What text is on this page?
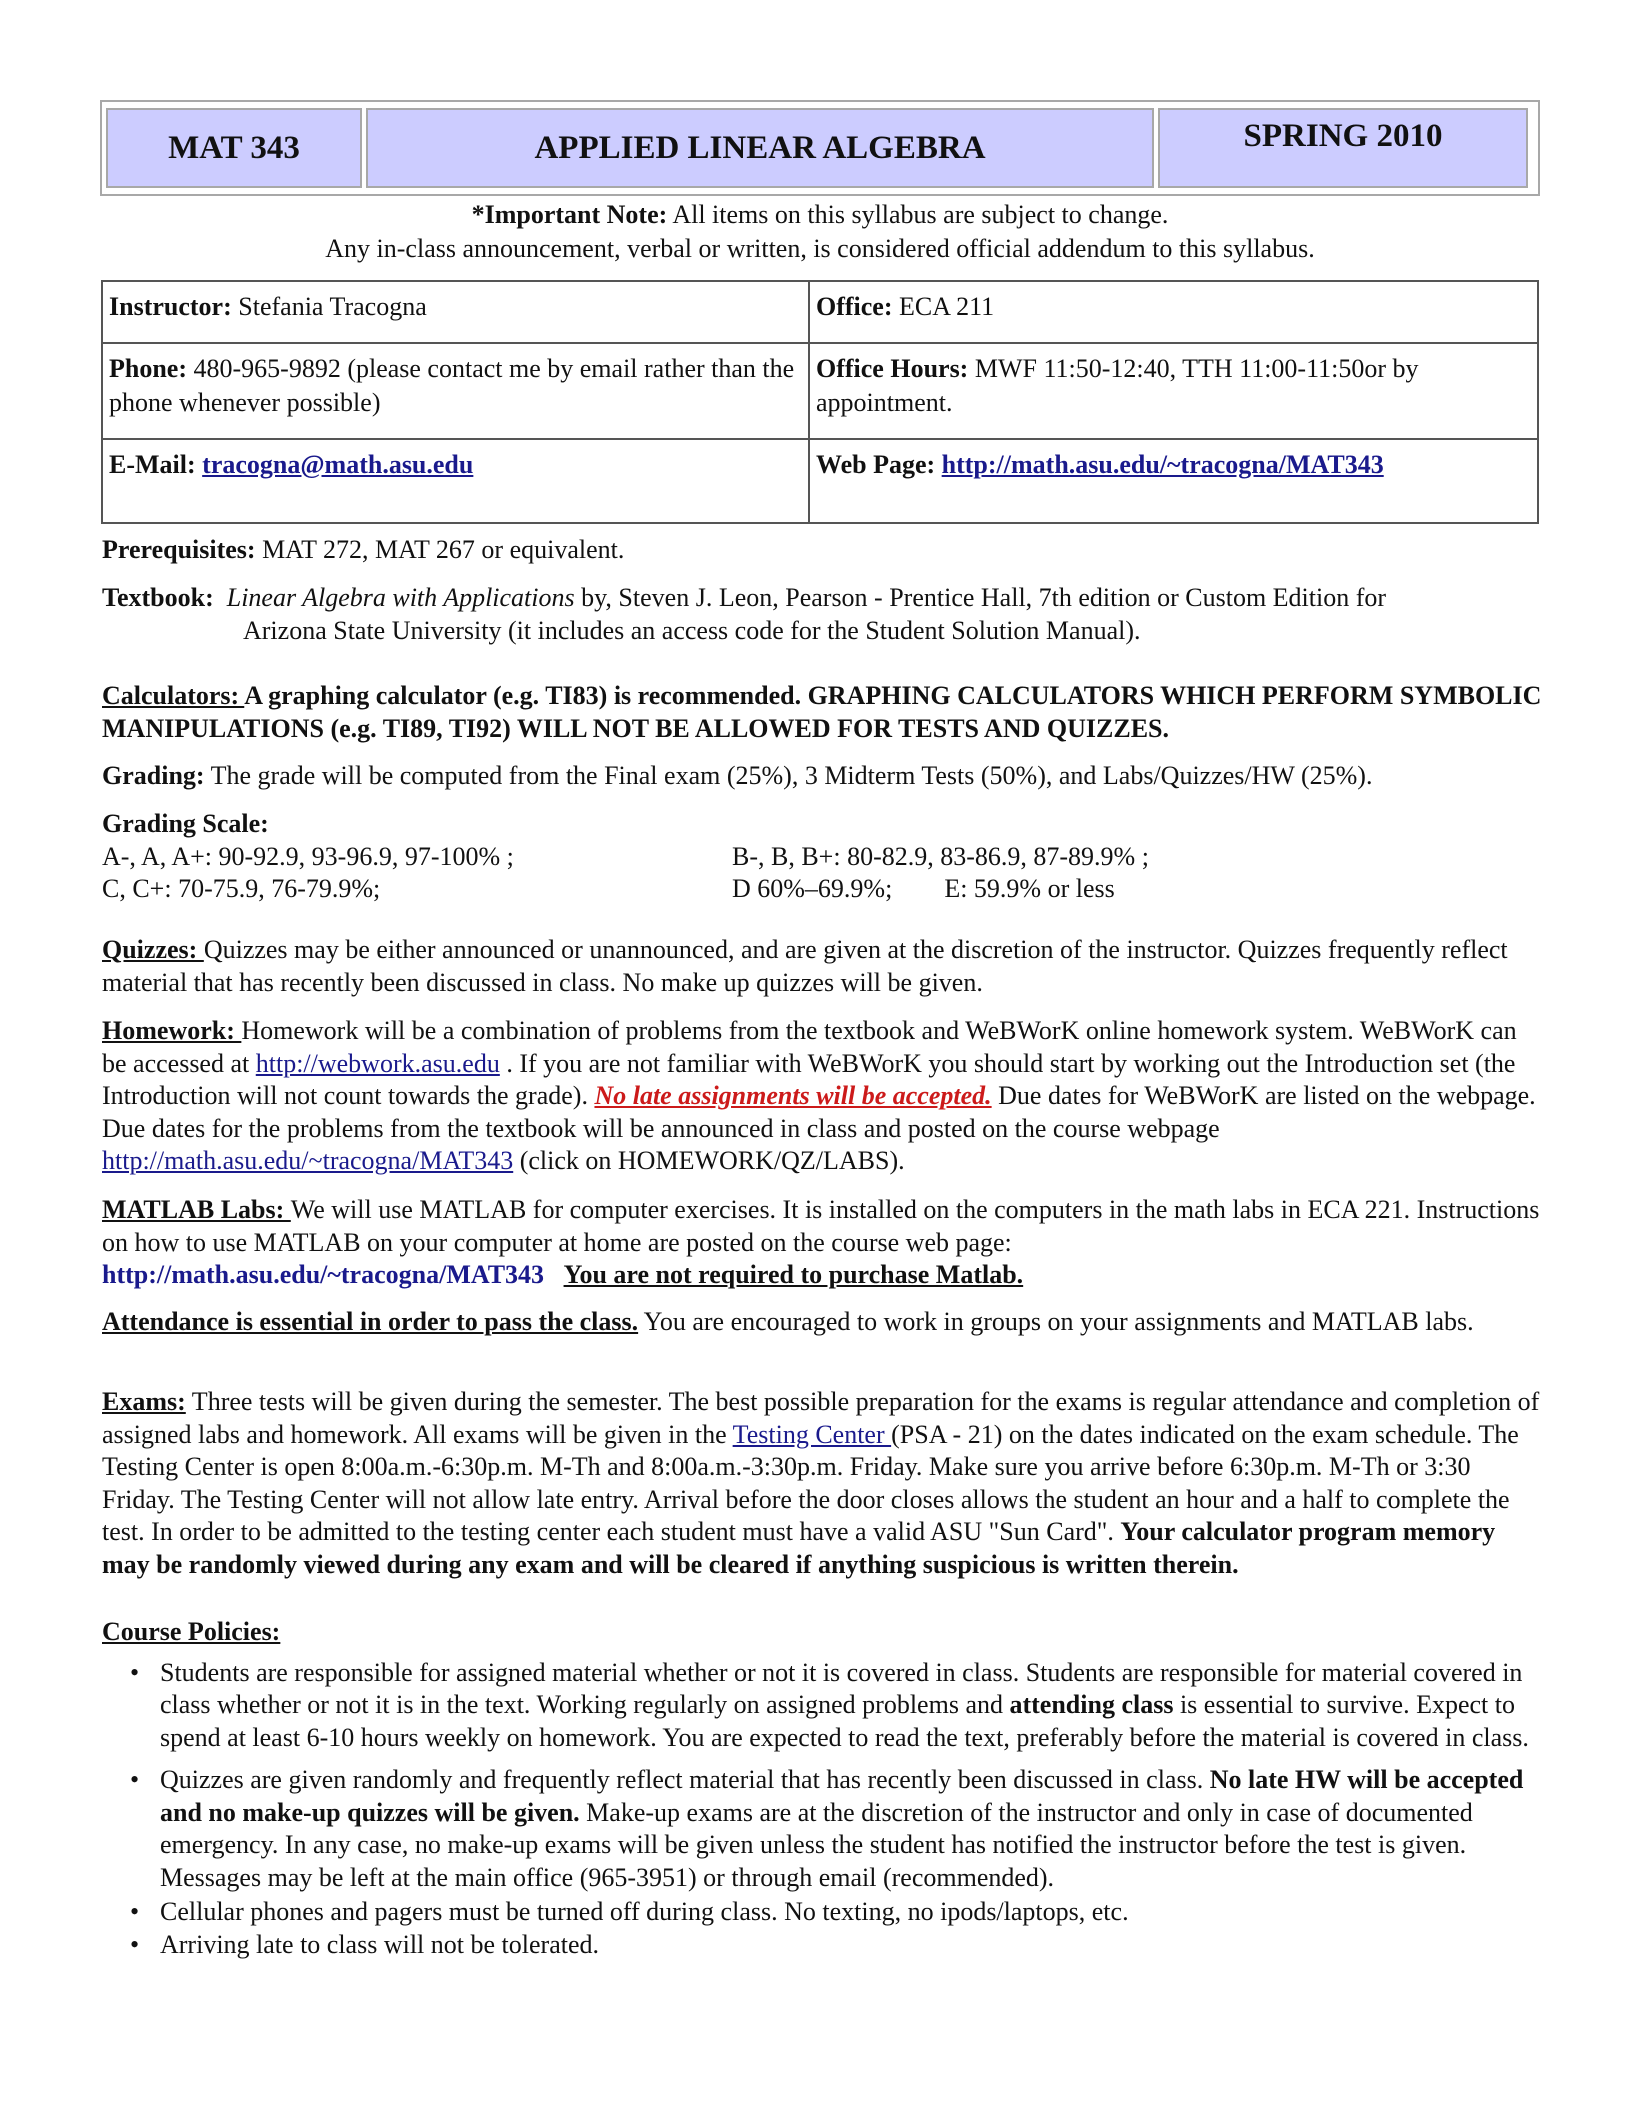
MAT 343	APPLIED LINEAR ALGEBRA	SPRING 2010
*Important Note: All items on this syllabus are subject to change.
Any in-class announcement, verbal or written, is considered official addendum to this syllabus.
Instructor: Stefania Tracogna	Office: ECA 211
Phone: 480-965-9892 (please contact me by email rather than the phone whenever possible)	Office Hours: MWF 11:50-12:40, TTH 11:00-11:50or by appointment.
E-Mail: tracogna@math.asu.edu	Web Page: http://math.asu.edu/~tracogna/MAT343
Prerequisites: MAT 272, MAT 267 or equivalent.
Textbook: Linear Algebra with Applications by, Steven J. Leon, Pearson - Prentice Hall, 7th edition or Custom Edition for
Arizona State University (it includes an access code for the Student Solution Manual).
Calculators: A graphing calculator (e.g. TI83) is recommended. GRAPHING CALCULATORS WHICH PERFORM SYMBOLIC MANIPULATIONS (e.g. TI89, TI92) WILL NOT BE ALLOWED FOR TESTS AND QUIZZES.
Grading: The grade will be computed from the Final exam (25%), 3 Midterm Tests (50%), and Labs/Quizzes/HW (25%).
Grading Scale:
A-, A, A+: 90-92.9, 93-96.9, 97-100% ;	B-, B, B+: 80-82.9, 83-86.9, 87-89.9% ;
C, C+: 70-75.9, 76-79.9%;	D 60%–69.9%;        E: 59.9% or less
Quizzes: Quizzes may be either announced or unannounced, and are given at the discretion of the instructor. Quizzes frequently reflect material that has recently been discussed in class. No make up quizzes will be given.
Homework: Homework will be a combination of problems from the textbook and WeBWorK online homework system. WeBWorK can be accessed at http://webwork.asu.edu . If you are not familiar with WeBWorK you should start by working out the Introduction set (the Introduction will not count towards the grade). No late assignments will be accepted. Due dates for WeBWorK are listed on the webpage. Due dates for the problems from the textbook will be announced in class and posted on the course webpage http://math.asu.edu/~tracogna/MAT343 (click on HOMEWORK/QZ/LABS).
MATLAB Labs: We will use MATLAB for computer exercises. It is installed on the computers in the math labs in ECA 221. Instructions on how to use MATLAB on your computer at home are posted on the course web page:
http://math.asu.edu/~tracogna/MAT343 You are not required to purchase Matlab.
Attendance is essential in order to pass the class. You are encouraged to work in groups on your assignments and MATLAB labs.
Exams: Three tests will be given during the semester. The best possible preparation for the exams is regular attendance and completion of assigned labs and homework. All exams will be given in the Testing Center (PSA - 21) on the dates indicated on the exam schedule. The Testing Center is open 8:00a.m.-6:30p.m. M-Th and 8:00a.m.-3:30p.m. Friday. Make sure you arrive before 6:30p.m. M-Th or 3:30 Friday. The Testing Center will not allow late entry. Arrival before the door closes allows the student an hour and a half to complete the test. In order to be admitted to the testing center each student must have a valid ASU "Sun Card". Your calculator program memory may be randomly viewed during any exam and will be cleared if anything suspicious is written therein.
Course Policies:
• Students are responsible for assigned material whether or not it is covered in class. Students are responsible for material covered in class whether or not it is in the text. Working regularly on assigned problems and attending class is essential to survive. Expect to spend at least 6-10 hours weekly on homework. You are expected to read the text, preferably before the material is covered in class.
• Quizzes are given randomly and frequently reflect material that has recently been discussed in class. No late HW will be accepted and no make-up quizzes will be given. Make-up exams are at the discretion of the instructor and only in case of documented emergency. In any case, no make-up exams will be given unless the student has notified the instructor before the test is given. Messages may be left at the main office (965-3951) or through email (recommended).
• Cellular phones and pagers must be turned off during class. No texting, no ipods/laptops, etc.
• Arriving late to class will not be tolerated.
